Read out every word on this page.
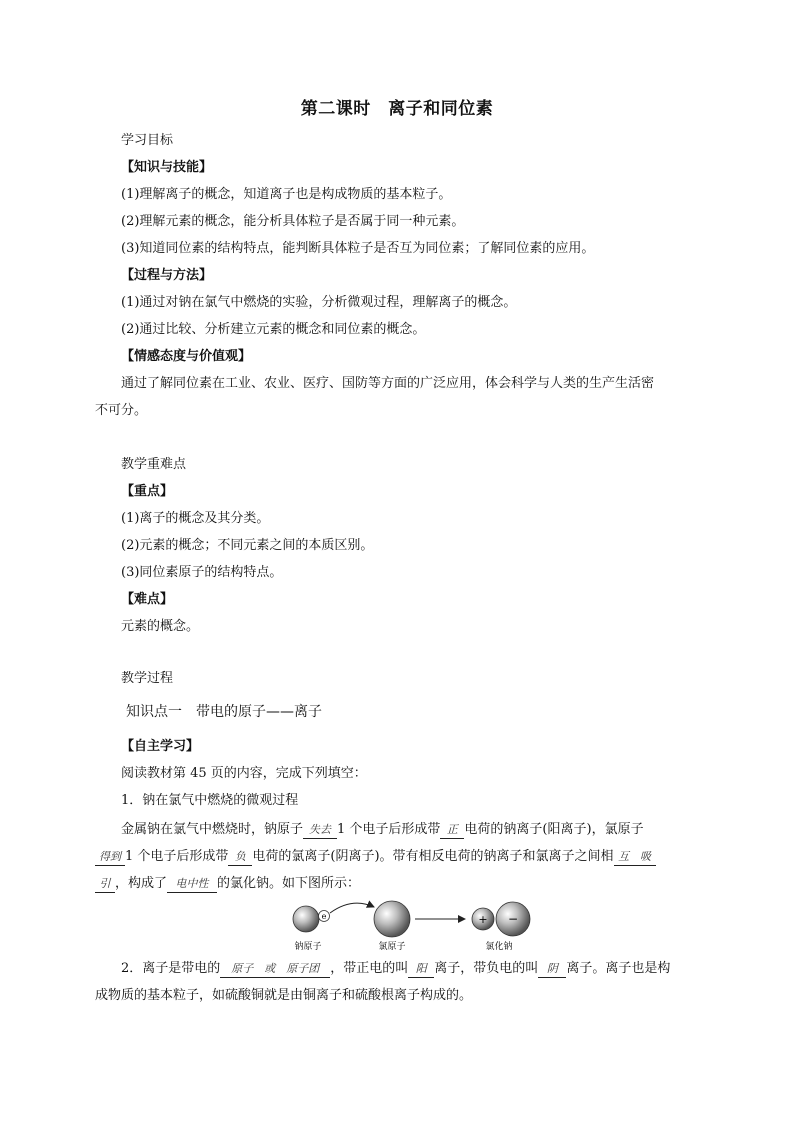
第二课时　离子和同位素
学习目标
【知识与技能】
(1)理解离子的概念，知道离子也是构成物质的基本粒子。
(2)理解元素的概念，能分析具体粒子是否属于同一种元素。
(3)知道同位素的结构特点，能判断具体粒子是否互为同位素；了解同位素的应用。
【过程与方法】
(1)通过对钠在氯气中燃烧的实验，分析微观过程，理解离子的概念。
(2)通过比较、分析建立元素的概念和同位素的概念。
【情感态度与价值观】
通过了解同位素在工业、农业、医疗、国防等方面的广泛应用，体会科学与人类的生产生活密
不可分。
教学重难点
【重点】
(1)离子的概念及其分类。
(2)元素的概念；不同元素之间的本质区别。
(3)同位素原子的结构特点。
【难点】
元素的概念。
教学过程
知识点一　带电的原子——离子
【自主学习】
阅读教材第 45 页的内容，完成下列填空：
1．钠在氯气中燃烧的微观过程
金属钠在氯气中燃烧时，钠原子 失去 1 个电子后形成带 正 电荷的钠离子(阳离子)，氯原子
得到 1 个电子后形成带 负 电荷的氯离子(阴离子)。带有相反电荷的钠离子和氯离子之间相 互　吸
引 ，构成了 电中性 的氯化钠。如下图所示：
e	+ −
钠原子	氯原子	氯化钠
2．离子是带电的 原子　或　原子团 ，带正电的叫 阳 离子，带负电的叫 阴 离子。离子也是构
成物质的基本粒子，如硫酸铜就是由铜离子和硫酸根离子构成的。
